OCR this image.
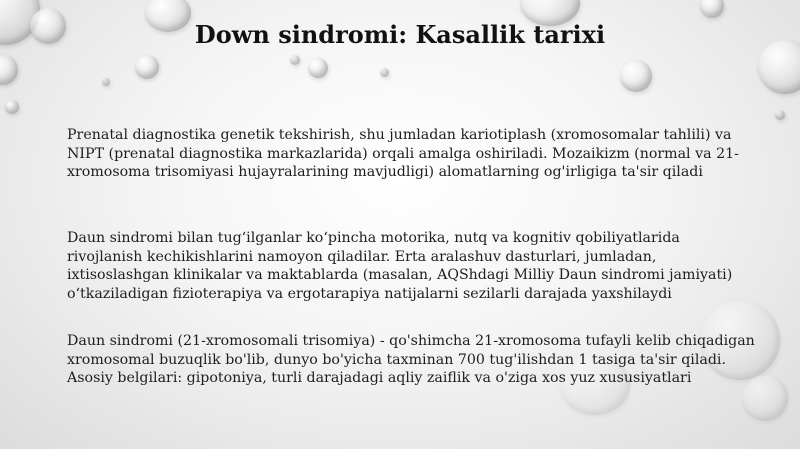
Down sindromi: Kasallik tarixi

Prenatal diagnostika genetik tekshirish, shu jumladan kariotiplash (xromosomalar tahlili) va NIPT (prenatal diagnostika markazlarida) orqali amalga oshiriladi. Mozaikizm (normal va 21-xromosoma trisomiyasi hujayralarining mavjudligi) alomatlarning og'irligiga ta'sir qiladi

Daun sindromi bilan tug‘ilganlar ko‘pincha motorika, nutq va kognitiv qobiliyatlarida rivojlanish kechikishlarini namoyon qiladilar. Erta aralashuv dasturlari, jumladan, ixtisoslashgan klinikalar va maktablarda (masalan, AQShdagi Milliy Daun sindromi jamiyati) o‘tkaziladigan fizioterapiya va ergotarapiya natijalarni sezilarli darajada yaxshilaydi

Daun sindromi (21-xromosomali trisomiya) - qo'shimcha 21-xromosoma tufayli kelib chiqadigan xromosomal buzuqlik bo'lib, dunyo bo'yicha taxminan 700 tug'ilishdan 1 tasiga ta'sir qiladi. Asosiy belgilari: gipotoniya, turli darajadagi aqliy zaiflik va o'ziga xos yuz xususiyatlari
